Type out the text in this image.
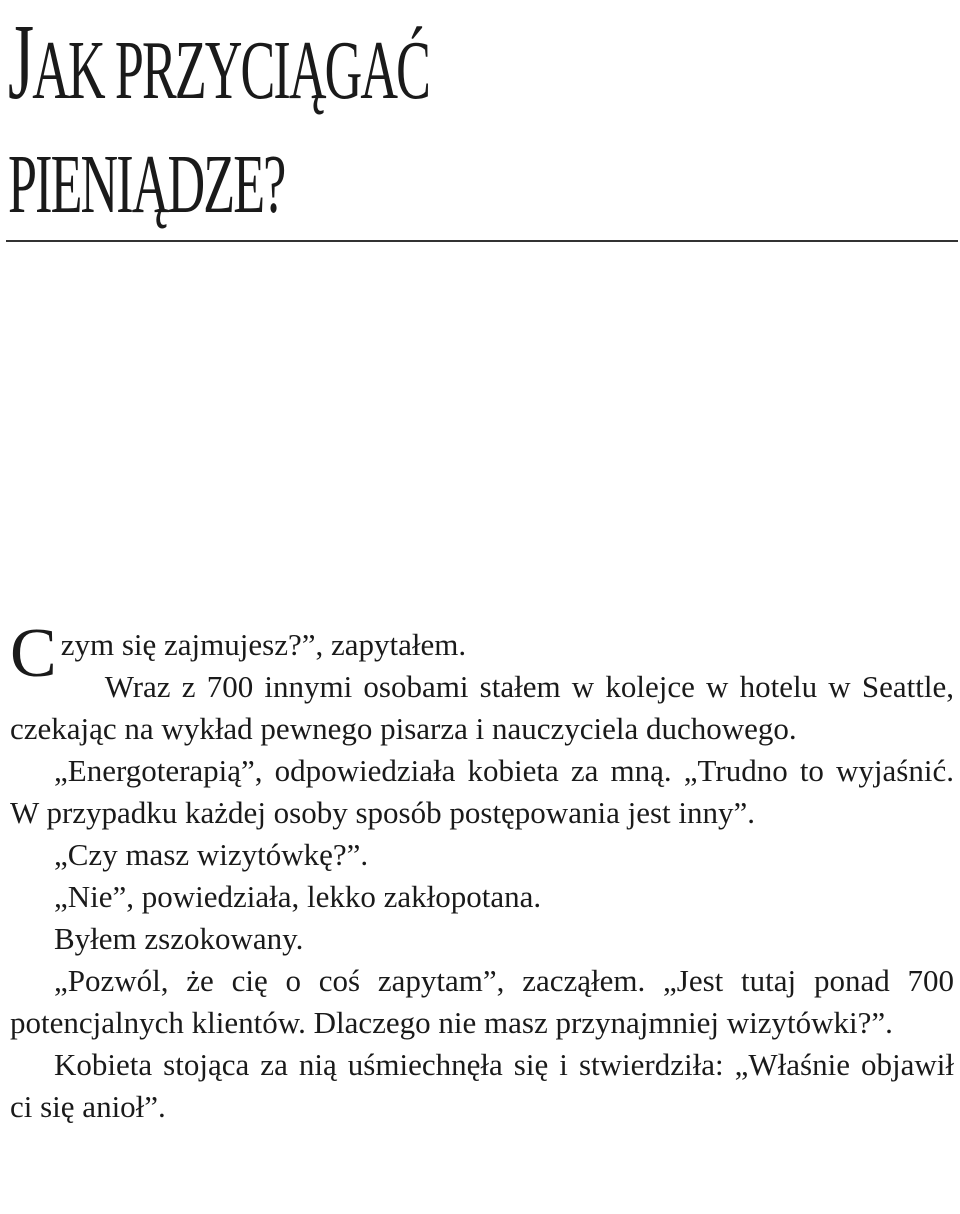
JAK PRZYCIĄGAĆ
PIENIĄDZE?

Czym się zajmujesz?”, zapytałem.

Wraz z 700 innymi osobami stałem w kolejce w hotelu w Seattle, czekając na wykład pewnego pisarza i nauczyciela duchowego.

„Energoterapią”, odpowiedziała kobieta za mną. „Trudno to wyjaśnić. W przypadku każdej osoby sposób postępowania jest inny”.

„Czy masz wizytówkę?”.

„Nie”, powiedziała, lekko zakłopotana.

Byłem zszokowany.

„Pozwól, że cię o coś zapytam”, zacząłem. „Jest tutaj ponad 700 potencjalnych klientów. Dlaczego nie masz przynajmniej wizytówki?”.

Kobieta stojąca za nią uśmiechnęła się i stwierdziła: „Właśnie objawił ci się anioł”.
